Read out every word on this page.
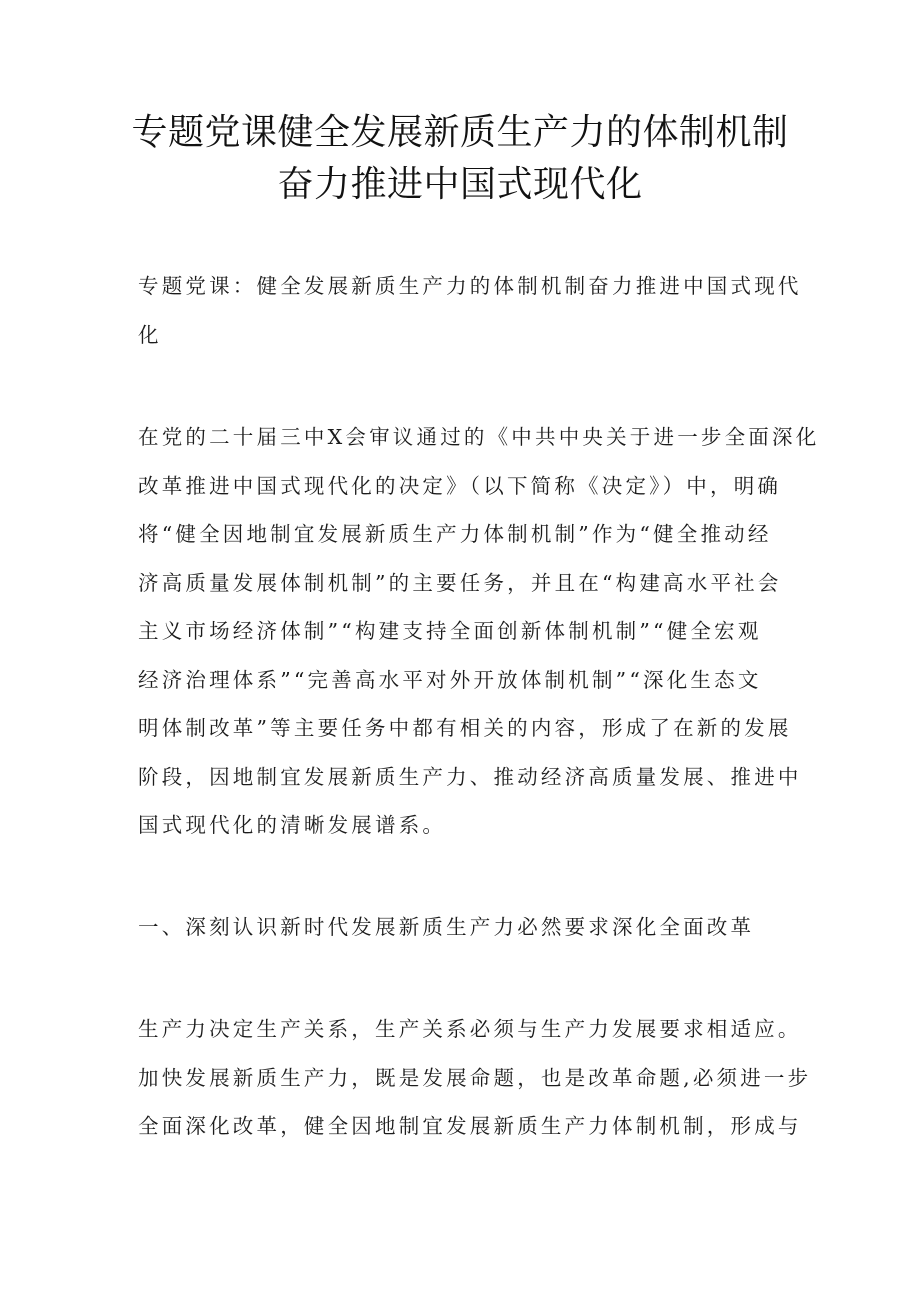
专题党课健全发展新质生产力的体制机制
奋力推进中国式现代化

专题党课：健全发展新质生产力的体制机制奋力推进中国式现代
化

在党的二十届三中X会审议通过的《中共中央关于进一步全面深化
改革推进中国式现代化的决定》（以下简称《决定》）中，明确
将“健全因地制宜发展新质生产力体制机制”作为“健全推动经
济高质量发展体制机制”的主要任务，并且在“构建高水平社会
主义市场经济体制”“构建支持全面创新体制机制”“健全宏观
经济治理体系”“完善高水平对外开放体制机制”“深化生态文
明体制改革”等主要任务中都有相关的内容，形成了在新的发展
阶段，因地制宜发展新质生产力、推动经济高质量发展、推进中
国式现代化的清晰发展谱系。

一、深刻认识新时代发展新质生产力必然要求深化全面改革

生产力决定生产关系，生产关系必须与生产力发展要求相适应。
加快发展新质生产力，既是发展命题，也是改革命题,必须进一步
全面深化改革，健全因地制宜发展新质生产力体制机制，形成与
